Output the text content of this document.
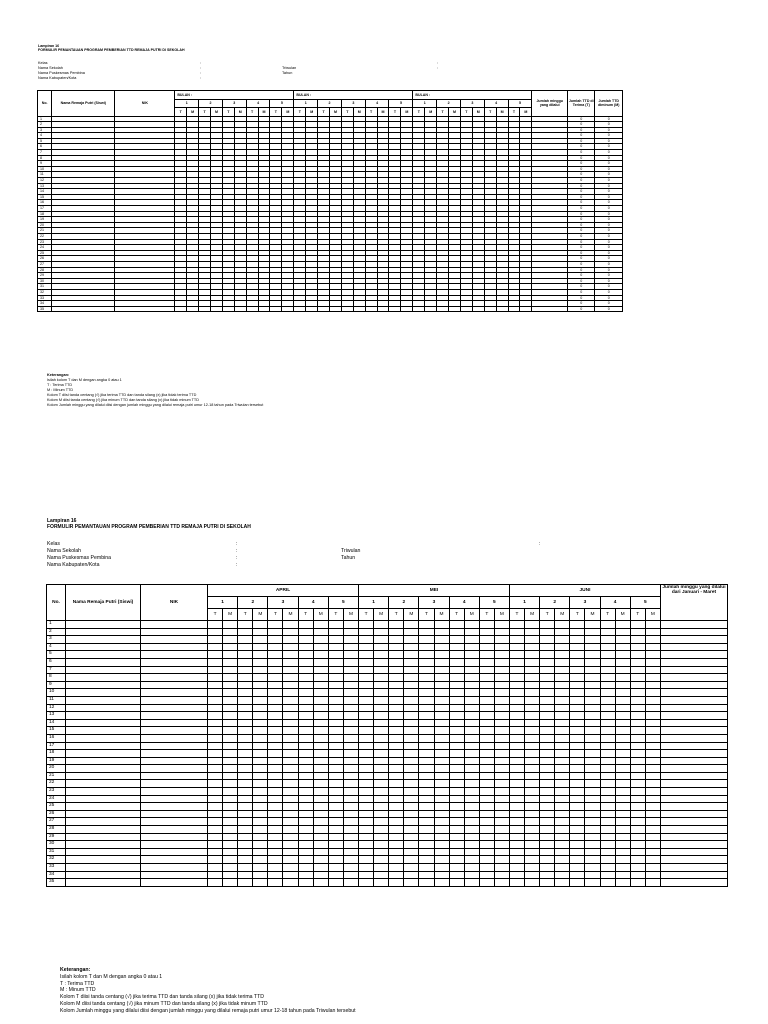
Lampiran 16
FORMULIR PEMANTAUAN PROGRAM PEMBERIAN TTD REMAJA PUTRI DI SEKOLAH
Kelas	:
Nama Sekolah	:
Nama Puskesmas Pembina	:
Nama Kabupaten/Kota	:

:
Triwulan	:
Tahun
No.	Nama Remaja Putri (Siswi)	NIK	BULAN :										BULAN :										BULAN :										Jumlah minggu yang dilalui	Jumlah TTD di Terima (T)	Jumlah TTD diminum (M)
			1		2		3		4		5		1		2		3		4		5		1		2		3		4		5				
			T	M	T	M	T	M	T	M	T	M	T	M	T	M	T	M	T	M	T	M	T	M	T	M	T	M	T	M	T	M			
1																																		0	0
2																																		0	0
3																																		0	0
4																																		0	0
5																																		0	0
6																																		0	0
7																																		0	0
8																																		0	0
9																																		0	0
10																																		0	0
11																																		0	0
12																																		0	0
13																																		0	0
14																																		0	0
15																																		0	0
16																																		0	0
17																																		0	0
18																																		0	0
19																																		0	0
20																																		0	0
21																																		0	0
22																																		0	0
23																																		0	0
24																																		0	0
25																																		0	0
26																																		0	0
27																																		0	0
28																																		0	0
29																																		0	0
30																																		0	0
31																																		0	0
32																																		0	0
33																																		0	0
34																																		0	0
35																																		0	0
Keterangan:
Isilah kolom T dan M dengan angka 0 atau 1
T : Terima TTD
M : Minum TTD
Kolom T diisi tanda centang (√) jika terima TTD dan tanda silang (x) jika tidak terima TTD
Kolom M diisi tanda centang (√) jika minum TTD dan tanda silang (x) jika tidak minum TTD
Kolom Jumlah minggu yang dilalui diisi dengan jumlah minggu yang dilalui remaja putri umur 12-18 tahun pada Triwulan tersebut
Lampiran 16
FORMULIR PEMANTAUAN PROGRAM PEMBERIAN TTD REMAJA PUTRI DI SEKOLAH
Kelas	:
Nama Sekolah	:
Nama Puskesmas Pembina	:
Nama Kabupaten/Kota	:

:
Triwulan
Tahun
No.	Nama Remaja Putri (Siswi)	NIK	APRIL										MEI										JUNI										Jumlah minggu yang dilalui dari Januari - Maret
			1		2		3		4		5		1		2		3		4		5		1		2		3		4		5		
			T	M	T	M	T	M	T	M	T	M	T	M	T	M	T	M	T	M	T	M	T	M	T	M	T	M	T	M	T	M	
1																																	
2																																	
3																																	
4																																	
5																																	
6																																	
7																																	
8																																	
9																																	
10																																	
11																																	
12																																	
13																																	
14																																	
15																																	
16																																	
17																																	
18																																	
19																																	
20																																	
21																																	
22																																	
23																																	
24																																	
25																																	
26																																	
27																																	
28																																	
29																																	
30																																	
31																																	
32																																	
33																																	
34																																	
35																																	
Keterangan:
Isilah kolom T dan M dengan angka 0 atau 1
T : Terima TTD
M : Minum TTD
Kolom T diisi tanda centang (√) jika terima TTD dan tanda silang (x) jika tidak terima TTD
Kolom M diisi tanda centang (√) jika minum TTD dan tanda silang (x) jika tidak minum TTD
Kolom Jumlah minggu yang dilalui diisi dengan jumlah minggu yang dilalui remaja putri umur 12-18 tahun pada Triwulan tersebut
